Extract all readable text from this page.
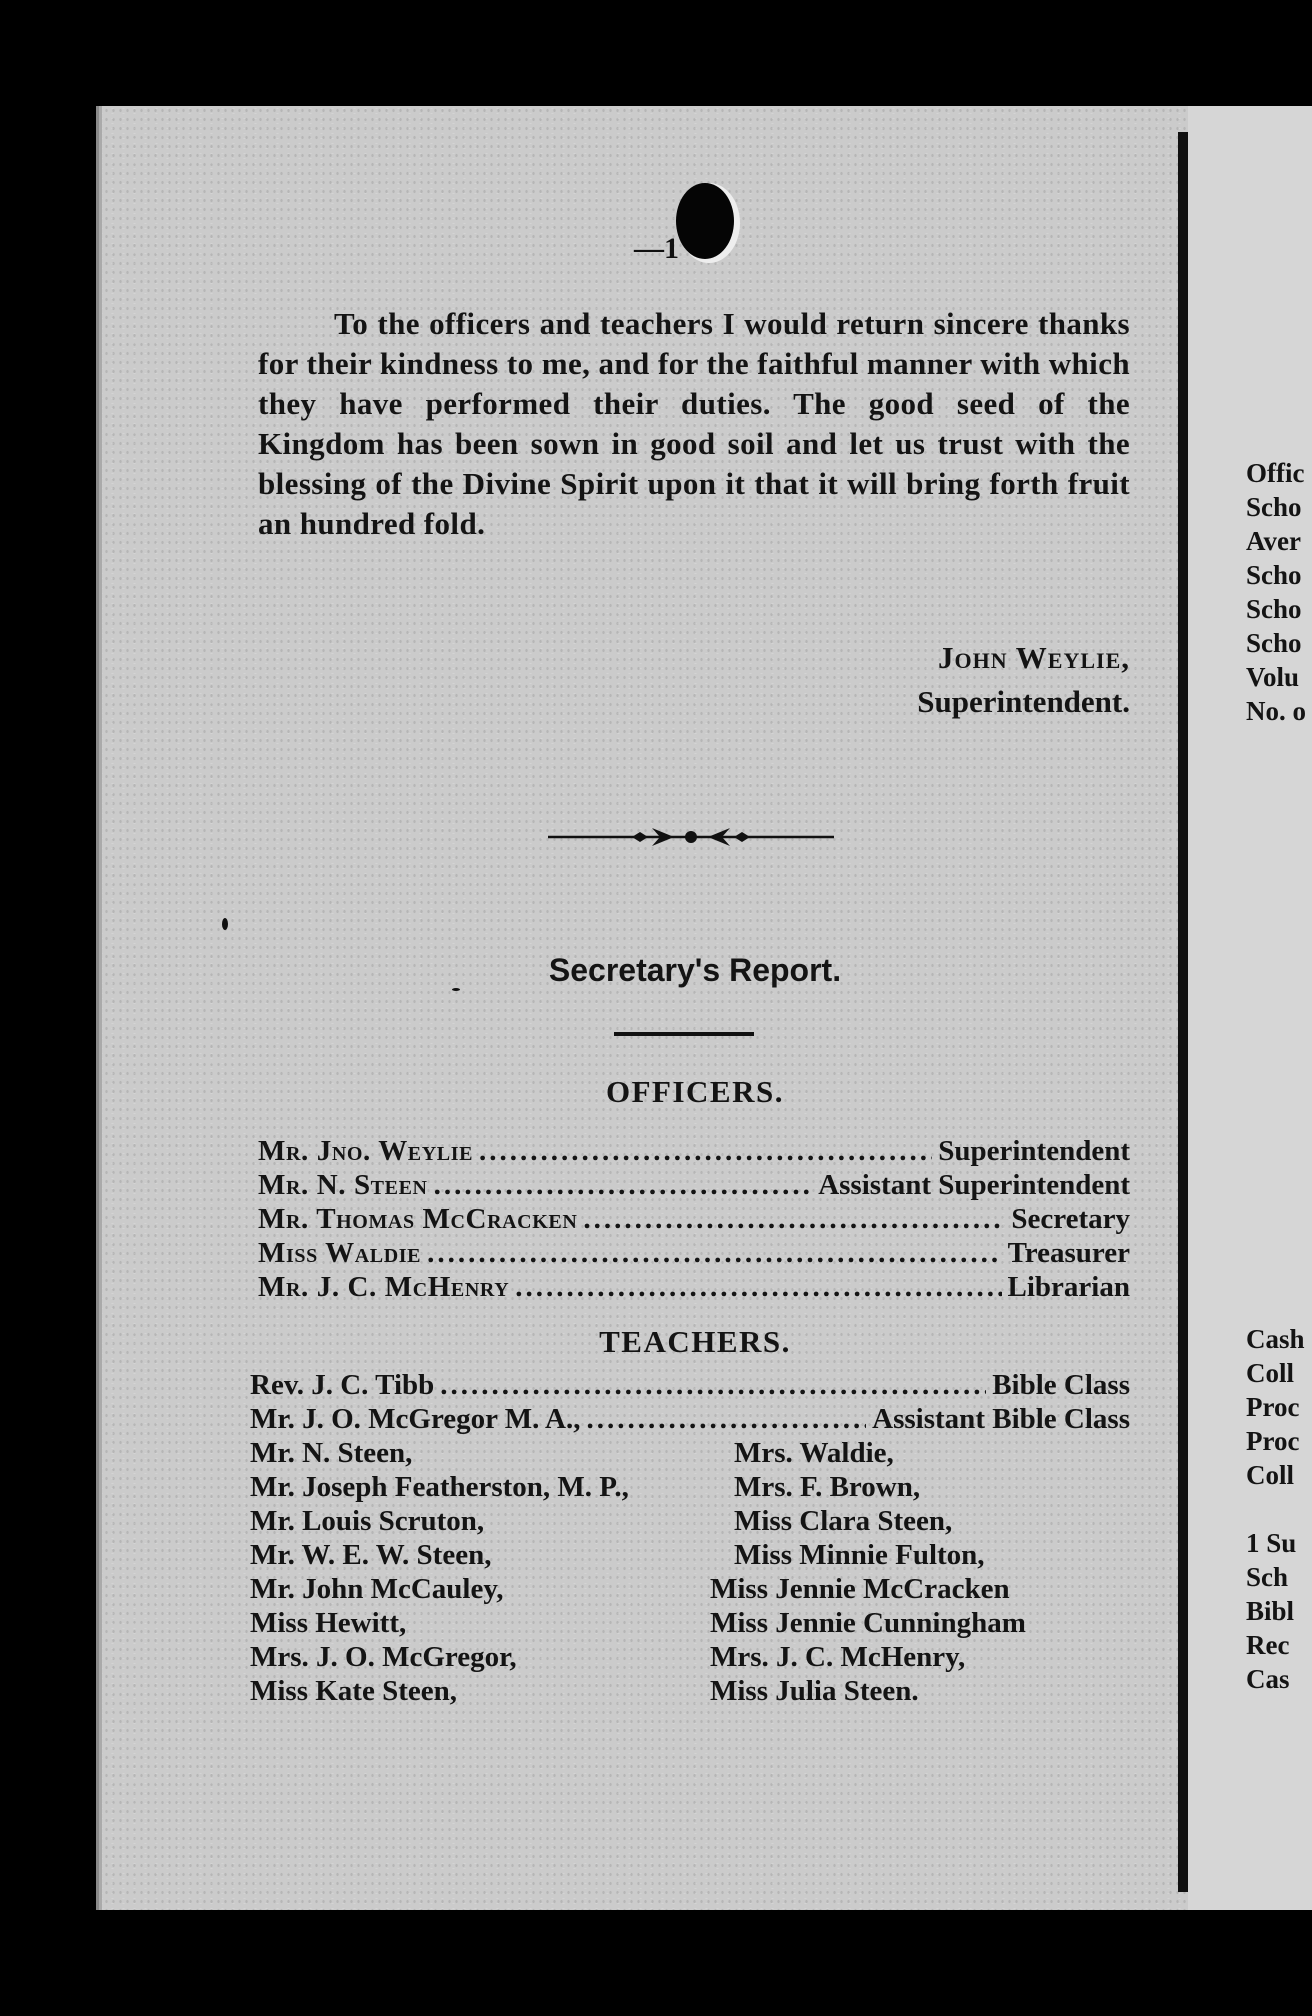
—1

To the officers and teachers I would return sincere thanks for their kindness to me, and for the faithful manner with which they have performed their duties. The good seed of the Kingdom has been sown in good soil and let us trust with the blessing of the Divine Spirit upon it that it will bring forth fruit an hundred fold.

John Weylie,
Superintendent.
Secretary's Report.
OFFICERS.
Mr. Jno. Weylie .....	Superintendent
Mr. N. Steen .....	Assistant Superintendent
Mr. Thomas McCracken .....	Secretary
Miss Waldie .....	Treasurer
Mr. J. C. McHenry .....	Librarian
TEACHERS.
Rev. J. C. Tibb .....	Bible Class
Mr. J. O. McGregor M. A., .....	Assistant Bible Class
Mr. N. Steen,	Mrs. Waldie,
Mr. Joseph Featherston, M. P.,	Mrs. F. Brown,
Mr. Louis Scruton,	Miss Clara Steen,
Mr. W. E. W. Steen,	Miss Minnie Fulton,
Mr. John McCauley,	Miss Jennie McCracken
Miss Hewitt,	Miss Jennie Cunningham
Mrs. J. O. McGregor,	Mrs. J. C. McHenry,
Miss Kate Steen,	Miss Julia Steen.
Offic
Scho
Aver
Scho
Scho
Scho
Volu
No. o
Cash
Coll
Proc
Proc
Coll
1 Su
Sch
Bibl
Rec
Cas
